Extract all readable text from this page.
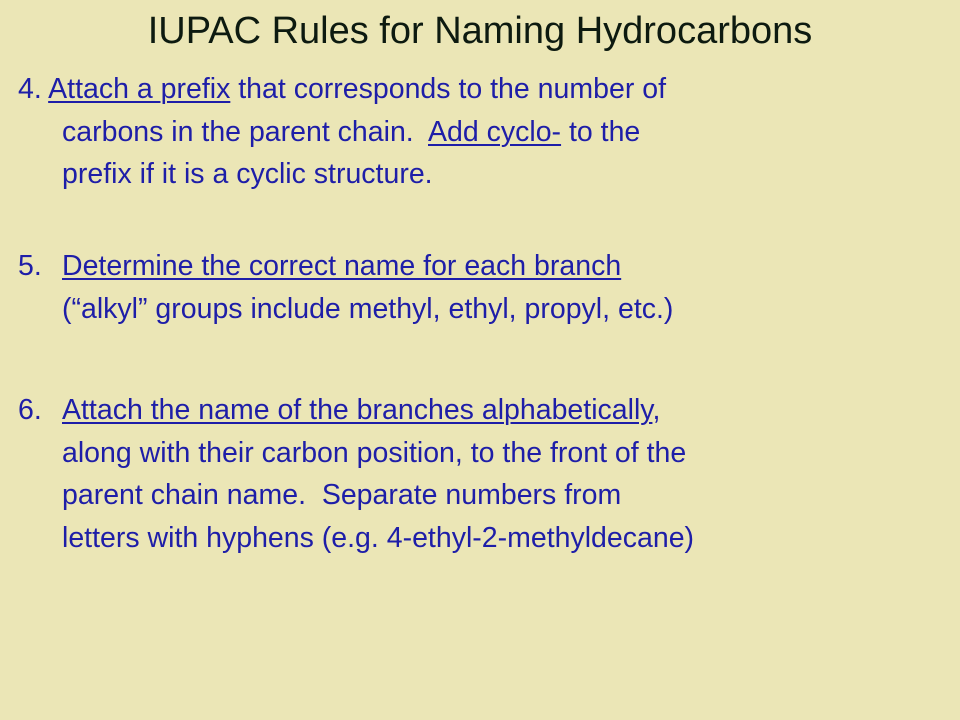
IUPAC Rules for Naming Hydrocarbons
4. Attach a prefix that corresponds to the number of
carbons in the parent chain.  Add cyclo- to the
prefix if it is a cyclic structure.
5. Determine the correct name for each branch
(“alkyl” groups include methyl, ethyl, propyl, etc.)
6. Attach the name of the branches alphabetically,
along with their carbon position, to the front of the
parent chain name.  Separate numbers from
letters with hyphens (e.g. 4-ethyl-2-methyldecane)
